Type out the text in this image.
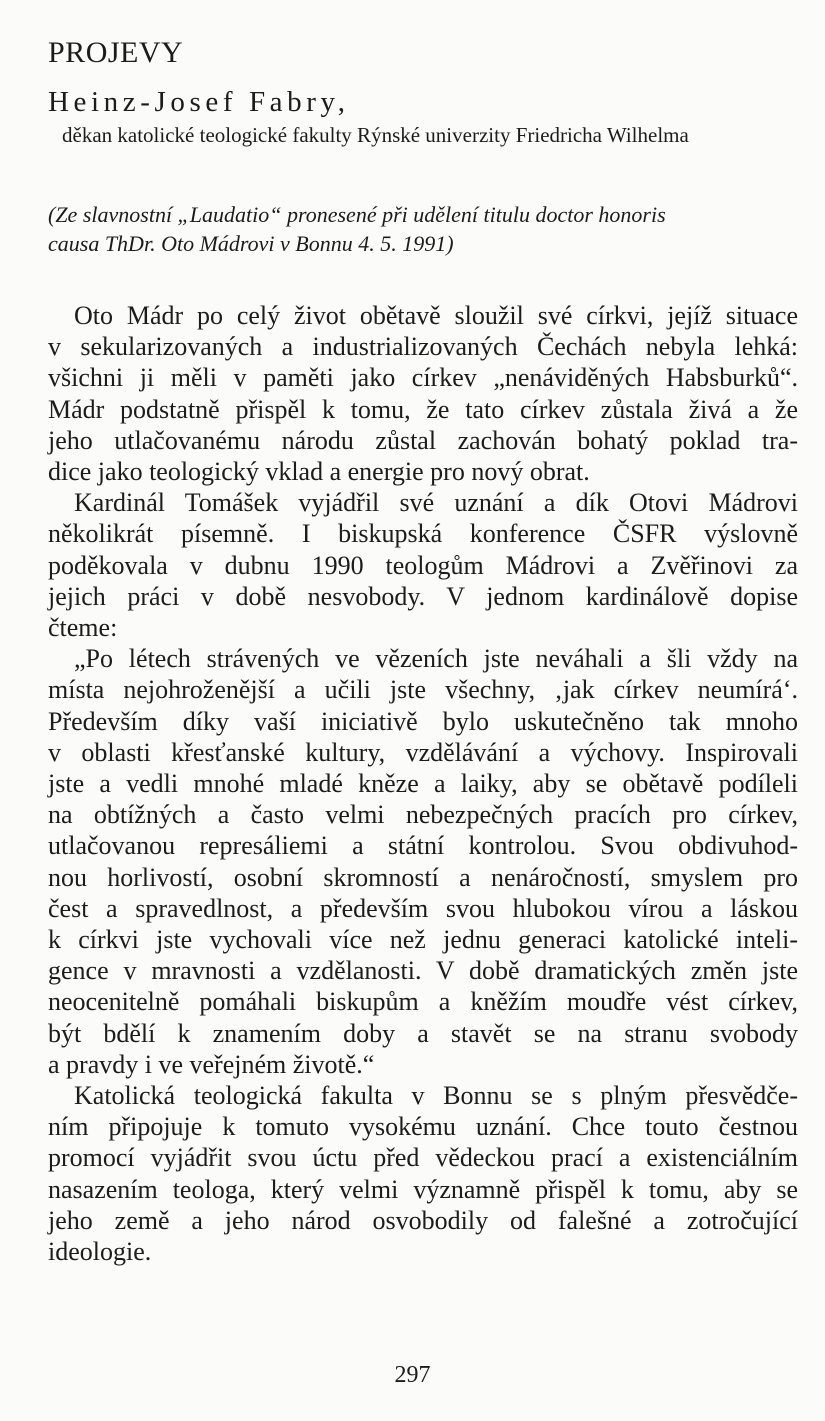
PROJEVY
Heinz-Josef Fabry,

děkan katolické teologické fakulty Rýnské univerzity Friedricha Wilhelma

(Ze slavnostní „Laudatio“ pronesené při udělení titulu doctor honoris
causa ThDr. Oto Mádrovi v Bonnu 4. 5. 1991)

Oto Mádr po celý život obětavě sloužil své církvi, jejíž situace
v sekularizovaných a industrializovaných Čechách nebyla lehká:
všichni ji měli v paměti jako církev „nenáviděných Habsburků“.
Mádr podstatně přispěl k tomu, že tato církev zůstala živá a že
jeho utlačovanému národu zůstal zachován bohatý poklad tra-
dice jako teologický vklad a energie pro nový obrat.
Kardinál Tomášek vyjádřil své uznání a dík Otovi Mádrovi
několikrát písemně. I biskupská konference ČSFR výslovně
poděkovala v dubnu 1990 teologům Mádrovi a Zvěřinovi za
jejich práci v době nesvobody. V jednom kardinálově dopise
čteme:
„Po létech strávených ve vězeních jste neváhali a šli vždy na
místa nejohroženější a učili jste všechny, ‚jak církev neumírá‘.
Především díky vaší iniciativě bylo uskutečněno tak mnoho
v oblasti křesťanské kultury, vzdělávání a výchovy. Inspirovali
jste a vedli mnohé mladé kněze a laiky, aby se obětavě podíleli
na obtížných a často velmi nebezpečných pracích pro církev,
utlačovanou represáliemi a státní kontrolou. Svou obdivuhod-
nou horlivostí, osobní skromností a nenáročností, smyslem pro
čest a spravedlnost, a především svou hlubokou vírou a láskou
k církvi jste vychovali více než jednu generaci katolické inteli-
gence v mravnosti a vzdělanosti. V době dramatických změn jste
neocenitelně pomáhali biskupům a kněžím moudře vést církev,
být bdělí k znamením doby a stavět se na stranu svobody
a pravdy i ve veřejném životě.“
Katolická teologická fakulta v Bonnu se s plným přesvědče-
ním připojuje k tomuto vysokému uznání. Chce touto čestnou
promocí vyjádřit svou úctu před vědeckou prací a existenciálním
nasazením teologa, který velmi významně přispěl k tomu, aby se
jeho země a jeho národ osvobodily od falešné a zotročující
ideologie.
297
